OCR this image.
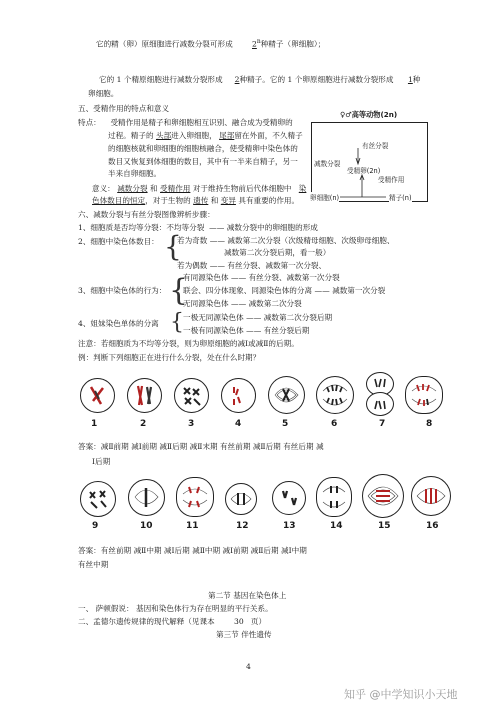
它的精（卵）原细胞进行减数分裂可形成	2$^n$种精子（卵细胞）；
它的 1 个精原细胞进行减数分裂形成 2种精子。它的 1 个卵原细胞进行减数分裂形成 1种
卵细胞。
五、受精作用的特点和意义
特点： 受精作用是精子和卵细胞相互识别、融合成为受精卵的
过程。精子的 头部进入卵细胞， 尾部留在外面，不久精子
的细胞核就和卵细胞的细胞核融合，使受精卵中染色体的
数目又恢复到体细胞的数目，其中有一半来自精子，另一
半来自卵细胞。
意义： 减数分裂 和 受精作用 对于维持生物前后代体细胞中 染
色体数目的恒定，对于生物的 遗传 和 变异 具有重要的作用。
♀♂高等动物(2n)
减数分裂
有丝分裂
受精卵(2n)
受精作用
卵细胞(n)	精子(n)
六、减数分裂与有丝分裂图像辨析步骤：
1、细胞质是否均等分裂：不均等分裂 —— 减数分裂中的卵细胞的形成
2、细胞中染色体数目： {
若为奇数 —— 减数第二次分裂（次级精母细胞、次级卵母细胞、
减数第二次分裂后期，看一般）
若为偶数 —— 有丝分裂、减数第一次分裂、
3、细胞中染色体的行为： {
有同源染色体 —— 有丝分裂、减数第一次分裂
联会、四分体现象、同源染色体的分离 —— 减数第一次分裂
无同源染色体 —— 减数第二次分裂
4、姐妹染色单体的分离 { 一极无同源染色体 —— 减数第二次分裂后期
一极有同源染色体 —— 有丝分裂后期
注意：若细胞质为不均等分裂，则为卵原细胞的减Ⅰ或减Ⅱ的后期。
例：判断下列细胞正在进行什么分裂，处在什么时期？
1	2	3	4	5	6	7	8
答案：减Ⅱ前期 减Ⅰ前期 减Ⅱ后期 减Ⅱ末期 有丝前期 减Ⅱ后期 有丝后期 减
Ⅰ后期
9	10	11	12	13	14	15	16
答案：有丝前期 减Ⅱ中期 减Ⅰ后期 减Ⅱ中期 减Ⅰ前期 减Ⅱ后期 减Ⅰ中期
有丝中期
第二节 基因在染色体上
一、 萨顿假说： 基因和染色体行为存在明显的平行关系。
二、孟德尔遗传规律的现代解释（见课本	30 页）
第三节 伴性遗传
4
知乎 @中学知识小天地
